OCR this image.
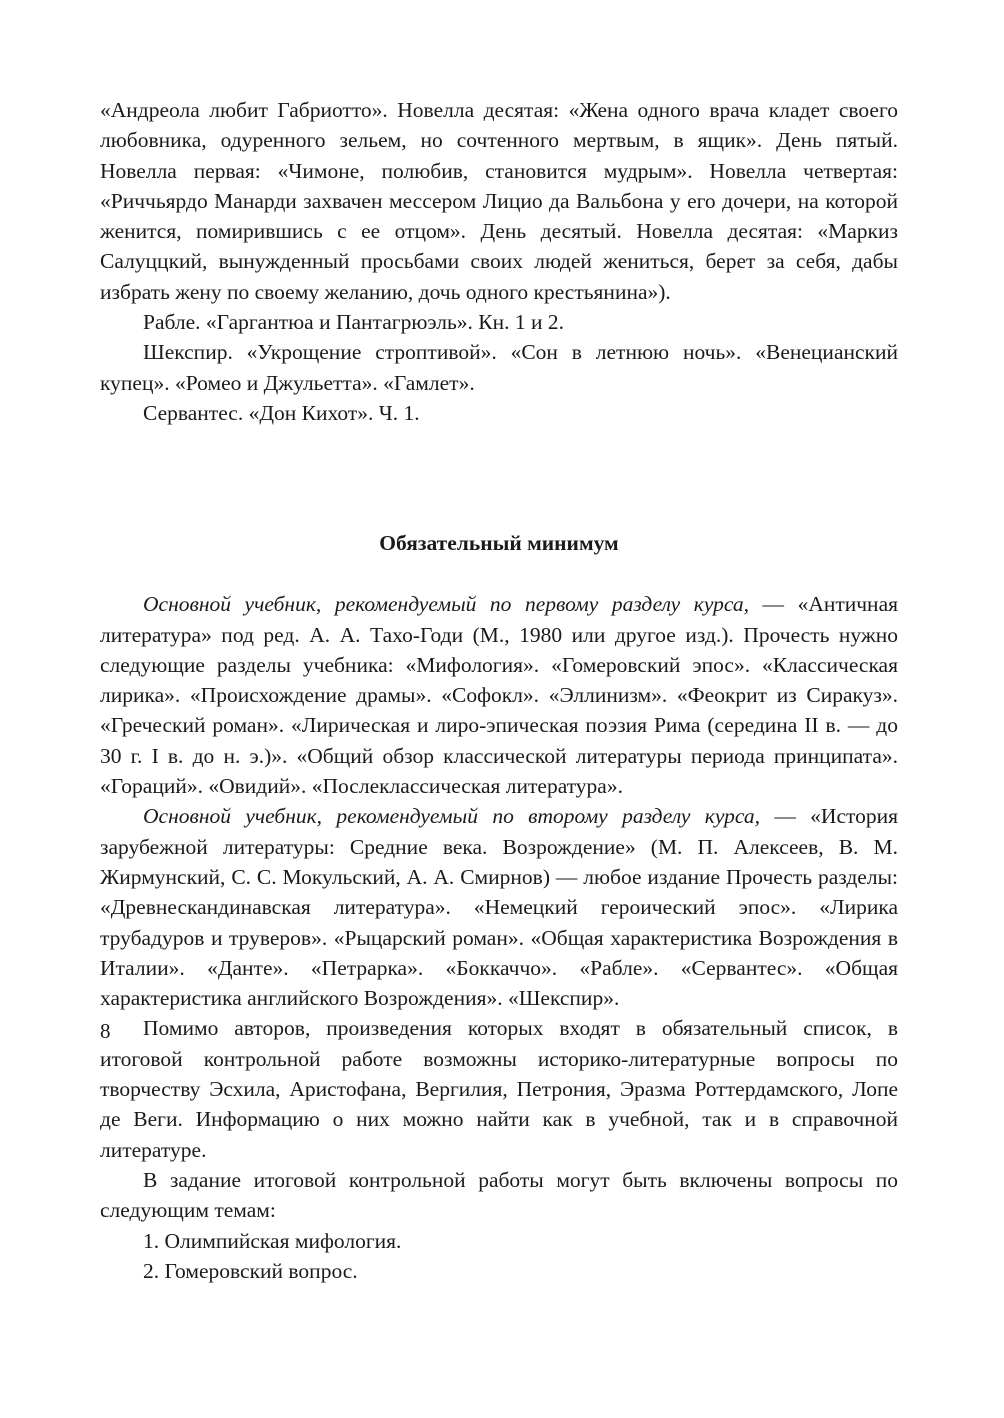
«Андреола любит Габриотто». Новелла десятая: «Жена одного врача кладет своего любовника, одуренного зельем, но сочтенного мертвым, в ящик». День пятый. Новелла первая: «Чимоне, полюбив, становится мудрым». Новелла четвертая: «Риччьярдо Манарди захвачен мессером Лицио да Вальбона у его дочери, на которой женится, помирившись с ее отцом». День десятый. Новелла десятая: «Маркиз Салуццкий, вынужденный просьбами своих людей жениться, берет за себя, дабы избрать жену по своему желанию, дочь одного крестьянина»).

Рабле. «Гаргантюа и Пантагрюэль». Кн. 1 и 2.

Шекспир. «Укрощение строптивой». «Сон в летнюю ночь». «Венецианский купец». «Ромео и Джульетта». «Гамлет».

Сервантес. «Дон Кихот». Ч. 1.

Обязательный минимум

Основной учебник, рекомендуемый по первому разделу курса, — «Античная литература» под ред. А. А. Тахо-Годи (М., 1980 или другое изд.). Прочесть нужно следующие разделы учебника: «Мифология». «Гомеровский эпос». «Классическая лирика». «Происхождение драмы». «Софокл». «Эллинизм». «Феокрит из Сиракуз». «Греческий роман». «Лирическая и лиро-эпическая поэзия Рима (середина II в. — до 30 г. I в. до н. э.)». «Общий обзор классической литературы периода принципата». «Гораций». «Овидий». «Послеклассическая литература».

Основной учебник, рекомендуемый по второму разделу курса, — «История зарубежной литературы: Средние века. Возрождение» (М. П. Алексеев, В. М. Жирмунский, С. С. Мокульский, А. А. Смирнов) — любое издание Прочесть разделы: «Древнескандинавская литература». «Немецкий героический эпос». «Лирика трубадуров и труверов». «Рыцарский роман». «Общая характеристика Возрождения в Италии». «Данте». «Петрарка». «Боккаччо». «Рабле». «Сервантес». «Общая характеристика английского Возрождения». «Шекспир».

Помимо авторов, произведения которых входят в обязательный список, в итоговой контрольной работе возможны историко-литературные вопросы по творчеству Эсхила, Аристофана, Вергилия, Петрония, Эразма Роттердамского, Лопе де Веги. Информацию о них можно найти как в учебной, так и в справочной литературе.

В задание итоговой контрольной работы могут быть включены вопросы по следующим темам:

1. Олимпийская мифология.

2. Гомеровский вопрос.

8
